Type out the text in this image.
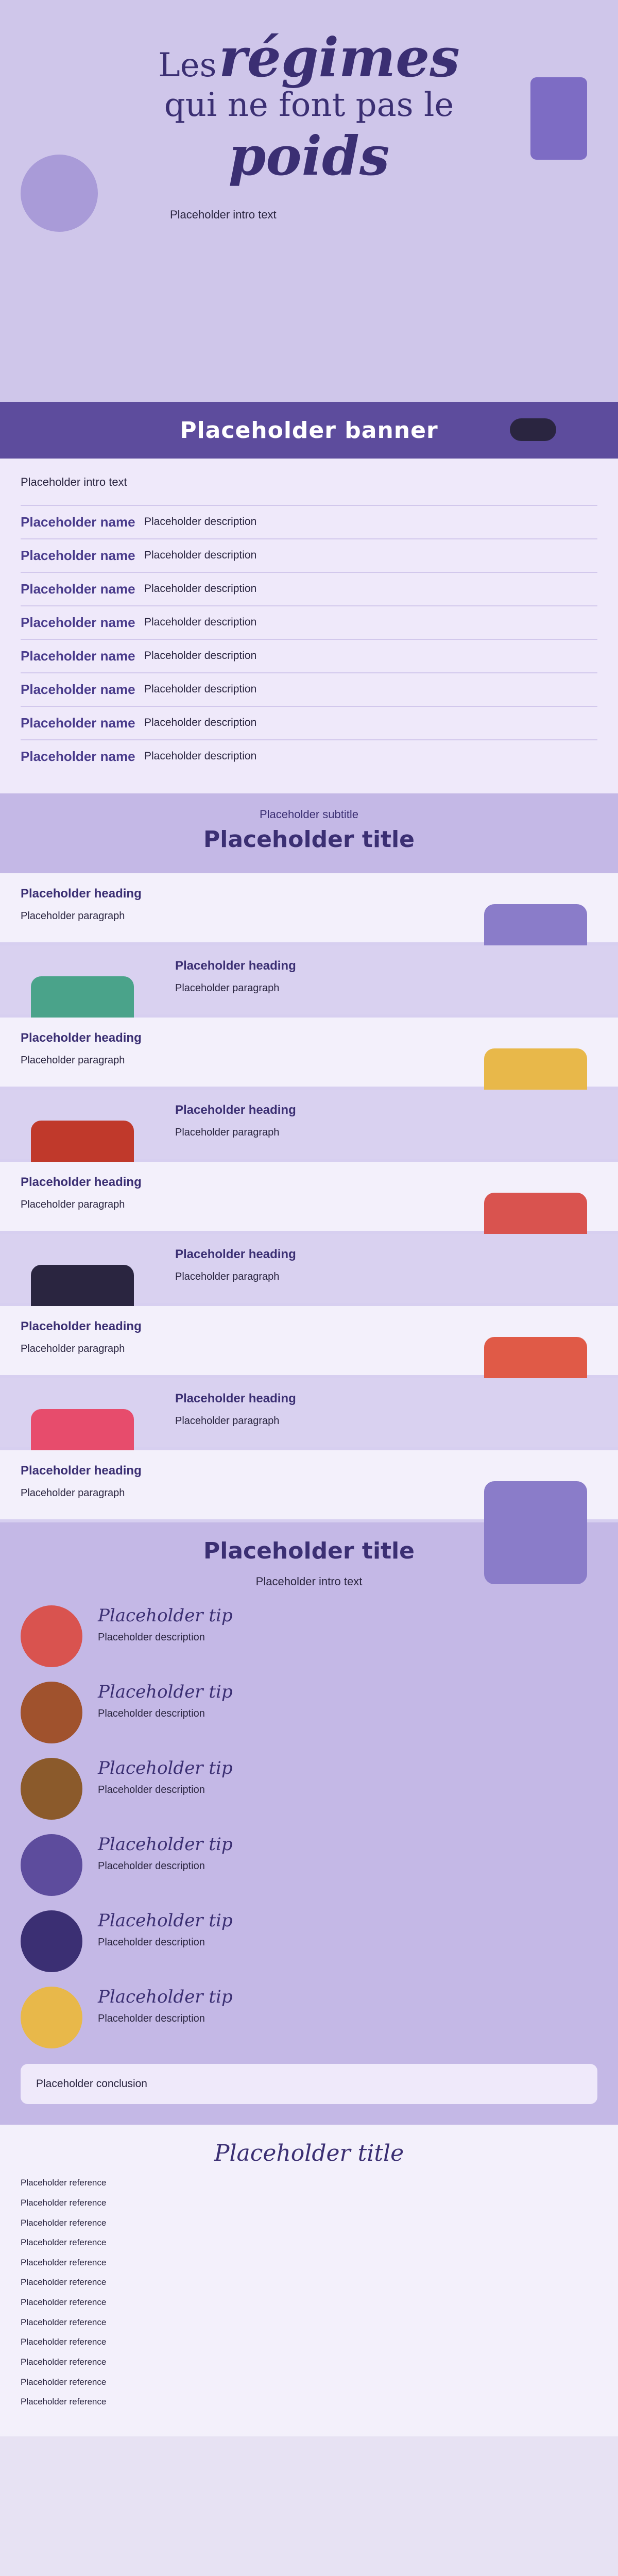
Les régimes
qui ne font pas le poids
Placeholder intro text
Placeholder banner
Placeholder intro text
Placeholder name Placeholder description
Placeholder name Placeholder description
Placeholder name Placeholder description
Placeholder name Placeholder description
Placeholder name Placeholder description
Placeholder name Placeholder description
Placeholder name Placeholder description
Placeholder name Placeholder description
Placeholder subtitle
Placeholder title
Placeholder heading
Placeholder paragraph
Placeholder heading
Placeholder paragraph
Placeholder heading
Placeholder paragraph
Placeholder heading
Placeholder paragraph
Placeholder heading
Placeholder paragraph
Placeholder heading
Placeholder paragraph
Placeholder heading
Placeholder paragraph
Placeholder heading
Placeholder paragraph
Placeholder heading
Placeholder paragraph
Placeholder title
Placeholder intro text
Placeholder tip
Placeholder description
Placeholder tip
Placeholder description
Placeholder tip
Placeholder description
Placeholder tip
Placeholder description
Placeholder tip
Placeholder description
Placeholder tip
Placeholder description
Placeholder conclusion
Placeholder title
Placeholder reference
Placeholder reference
Placeholder reference
Placeholder reference
Placeholder reference
Placeholder reference
Placeholder reference
Placeholder reference
Placeholder reference
Placeholder reference
Placeholder reference
Placeholder reference
